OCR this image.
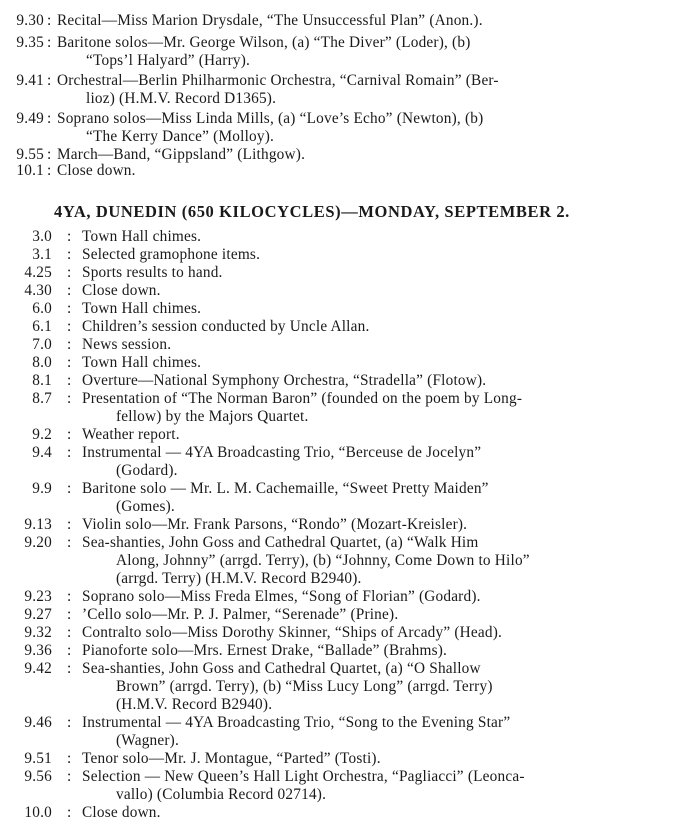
9.30 : Recital—Miss Marion Drysdale, “The Unsuccessful Plan” (Anon.).
9.35 : Baritone solos—Mr. George Wilson, (a) “The Diver” (Loder), (b)
“Tops’l Halyard” (Harry).
9.41 : Orchestral—Berlin Philharmonic Orchestra, “Carnival Romain” (Ber-
lioz) (H.M.V. Record D1365).
9.49 : Soprano solos—Miss Linda Mills, (a) “Love’s Echo” (Newton), (b)
“The Kerry Dance” (Molloy).
9.55 : March—Band, “Gippsland” (Lithgow).
10.1 : Close down.
4YA, DUNEDIN (650 KILOCYCLES)—MONDAY, SEPTEMBER 2.
3.0 : Town Hall chimes.
3.1 : Selected gramophone items.
4.25 : Sports results to hand.
4.30 : Close down.
6.0 : Town Hall chimes.
6.1 : Children’s session conducted by Uncle Allan.
7.0 : News session.
8.0 : Town Hall chimes.
8.1 : Overture—National Symphony Orchestra, “Stradella” (Flotow).
8.7 : Presentation of “The Norman Baron” (founded on the poem by Long-
fellow) by the Majors Quartet.
9.2 : Weather report.
9.4 : Instrumental — 4YA Broadcasting Trio, “Berceuse de Jocelyn”
(Godard).
9.9 : Baritone solo — Mr. L. M. Cachemaille, “Sweet Pretty Maiden”
(Gomes).
9.13 : Violin solo—Mr. Frank Parsons, “Rondo” (Mozart-Kreisler).
9.20 : Sea-shanties, John Goss and Cathedral Quartet, (a) “Walk Him
Along, Johnny” (arrgd. Terry), (b) “Johnny, Come Down to Hilo”
(arrgd. Terry) (H.M.V. Record B2940).
9.23 : Soprano solo—Miss Freda Elmes, “Song of Florian” (Godard).
9.27 : ’Cello solo—Mr. P. J. Palmer, “Serenade” (Prine).
9.32 : Contralto solo—Miss Dorothy Skinner, “Ships of Arcady” (Head).
9.36 : Pianoforte solo—Mrs. Ernest Drake, “Ballade” (Brahms).
9.42 : Sea-shanties, John Goss and Cathedral Quartet, (a) “O Shallow
Brown” (arrgd. Terry), (b) “Miss Lucy Long” (arrgd. Terry)
(H.M.V. Record B2940).
9.46 : Instrumental — 4YA Broadcasting Trio, “Song to the Evening Star”
(Wagner).
9.51 : Tenor solo—Mr. J. Montague, “Parted” (Tosti).
9.56 : Selection — New Queen’s Hall Light Orchestra, “Pagliacci” (Leonca-
vallo) (Columbia Record 02714).
10.0 : Close down.
